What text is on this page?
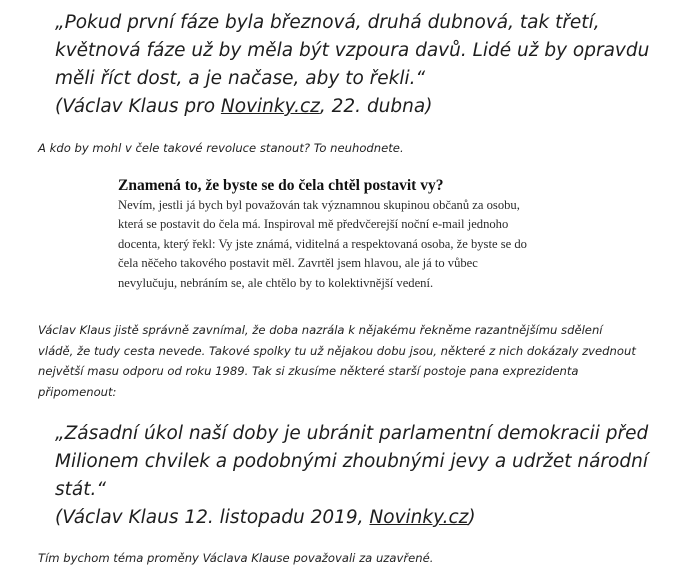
„Pokud první fáze byla březnová, druhá dubnová, tak třetí,
květnová fáze už by měla být vzpoura davů. Lidé už by opravdu
měli říct dost, a je načase, aby to řekli.“
(Václav Klaus pro Novinky.cz, 22. dubna)
A kdo by mohl v čele takové revoluce stanout? To neuhodnete.
Znamená to, že byste se do čela chtěl postavit vy?
Nevím, jestli já bych byl považován tak významnou skupinou občanů za osobu,
která se postavit do čela má. Inspiroval mě předvčerejší noční e-mail jednoho
docenta, který řekl: Vy jste známá, viditelná a respektovaná osoba, že byste se do
čela něčeho takového postavit měl. Zavrtěl jsem hlavou, ale já to vůbec
nevylučuju, nebráním se, ale chtělo by to kolektivnější vedení.
Václav Klaus jistě správně zavnímal, že doba nazrála k nějakému řekněme razantnějšímu sdělení
vládě, že tudy cesta nevede. Takové spolky tu už nějakou dobu jsou, některé z nich dokázaly zvednout
největší masu odporu od roku 1989. Tak si zkusíme některé starší postoje pana exprezidenta
připomenout:
„Zásadní úkol naší doby je ubránit parlamentní demokracii před
Milionem chvilek a podobnými zhoubnými jevy a udržet národní
stát.“
(Václav Klaus 12. listopadu 2019, Novinky.cz)
Tím bychom téma proměny Václava Klause považovali za uzavřené.
